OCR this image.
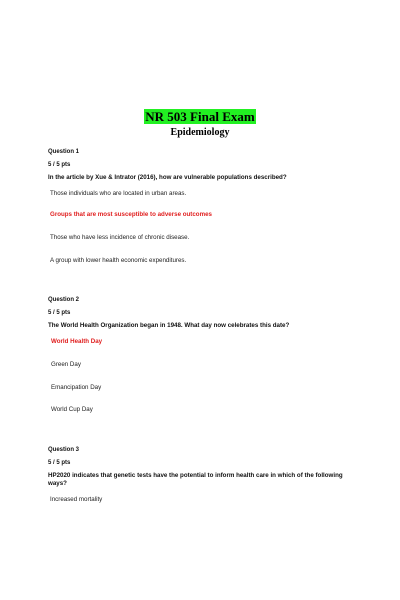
NR 503 Final Exam
Epidemiology
Question 1
5 / 5 pts
In the article by Xue & Intrator (2016), how are vulnerable populations described?
Those individuals who are located in urban areas.
Groups that are most susceptible to adverse outcomes
Those who have less incidence of chronic disease.
A group with lower health economic expenditures.
Question 2
5 / 5 pts
The World Health Organization began in 1948. What day now celebrates this date?
World Health Day
Green Day
Emancipation Day
World Cup Day
Question 3
5 / 5 pts
HP2020 indicates that genetic tests have the potential to inform health care in which of the following ways?
Increased mortality
